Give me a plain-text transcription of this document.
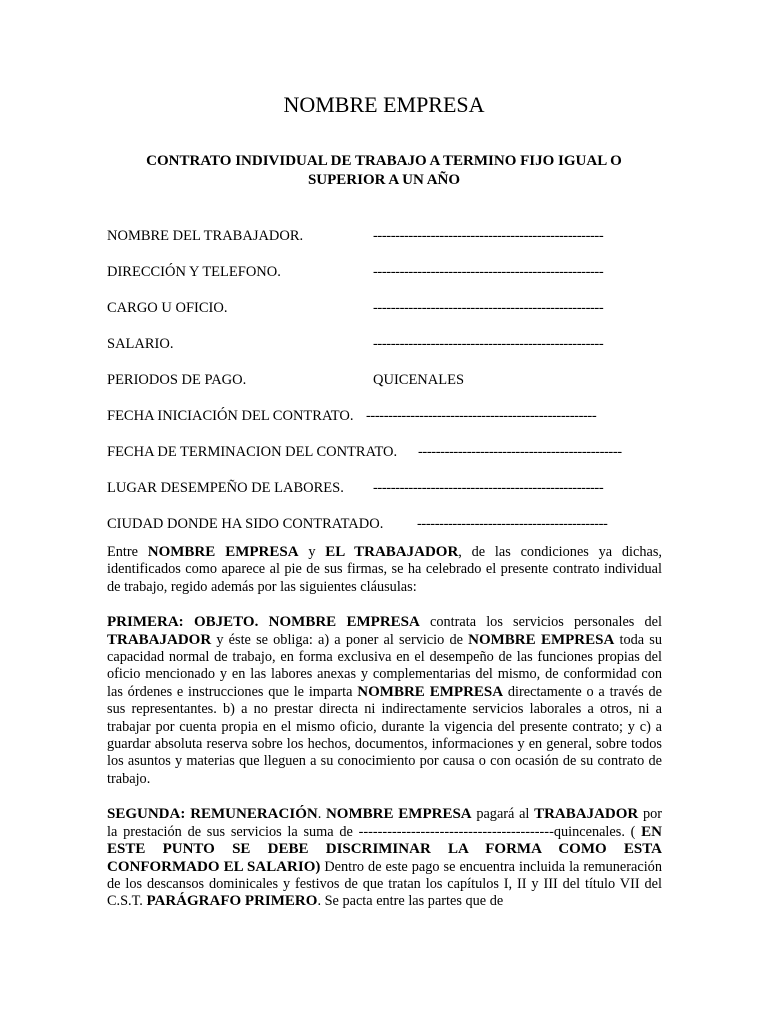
NOMBRE EMPRESA
CONTRATO INDIVIDUAL DE TRABAJO A TERMINO FIJO IGUAL O SUPERIOR A UN AÑO
NOMBRE DEL TRABAJADOR.	----------------------------------------------------
DIRECCIÓN Y TELEFONO.	----------------------------------------------------
CARGO U OFICIO.	----------------------------------------------------
SALARIO.	----------------------------------------------------
PERIODOS DE PAGO.	QUICENALES
FECHA INICIACIÓN DEL CONTRATO. ----------------------------------------------------
FECHA DE TERMINACION DEL CONTRATO. ----------------------------------------------
LUGAR DESEMPEÑO DE LABORES. ----------------------------------------------------
CIUDAD DONDE HA SIDO CONTRATADO. -------------------------------------------

Entre NOMBRE EMPRESA y EL TRABAJADOR, de las condiciones ya dichas, identificados como aparece al pie de sus firmas, se ha celebrado el presente contrato individual de trabajo, regido además por las siguientes cláusulas:

PRIMERA: OBJETO. NOMBRE EMPRESA contrata los servicios personales del TRABAJADOR y éste se obliga: a) a poner al servicio de NOMBRE EMPRESA toda su capacidad normal de trabajo, en forma exclusiva en el desempeño de las funciones propias del oficio mencionado y en las labores anexas y complementarias del mismo, de conformidad con las órdenes e instrucciones que le imparta NOMBRE EMPRESA directamente o a través de sus representantes. b) a no prestar directa ni indirectamente servicios laborales a otros, ni a trabajar por cuenta propia en el mismo oficio, durante la vigencia del presente contrato; y c) a guardar absoluta reserva sobre los hechos, documentos, informaciones y en general, sobre todos los asuntos y materias que lleguen a su conocimiento por causa o con ocasión de su contrato de trabajo.

SEGUNDA: REMUNERACIÓN. NOMBRE EMPRESA pagará al TRABAJADOR por la prestación de sus servicios la suma de -----------------------------------------quincenales. ( EN ESTE PUNTO SE DEBE DISCRIMINAR LA FORMA COMO ESTA CONFORMADO EL SALARIO) Dentro de este pago se encuentra incluida la remuneración de los descansos dominicales y festivos de que tratan los capítulos I, II y III del título VII del C.S.T. PARÁGRAFO PRIMERO. Se pacta entre las partes que de
